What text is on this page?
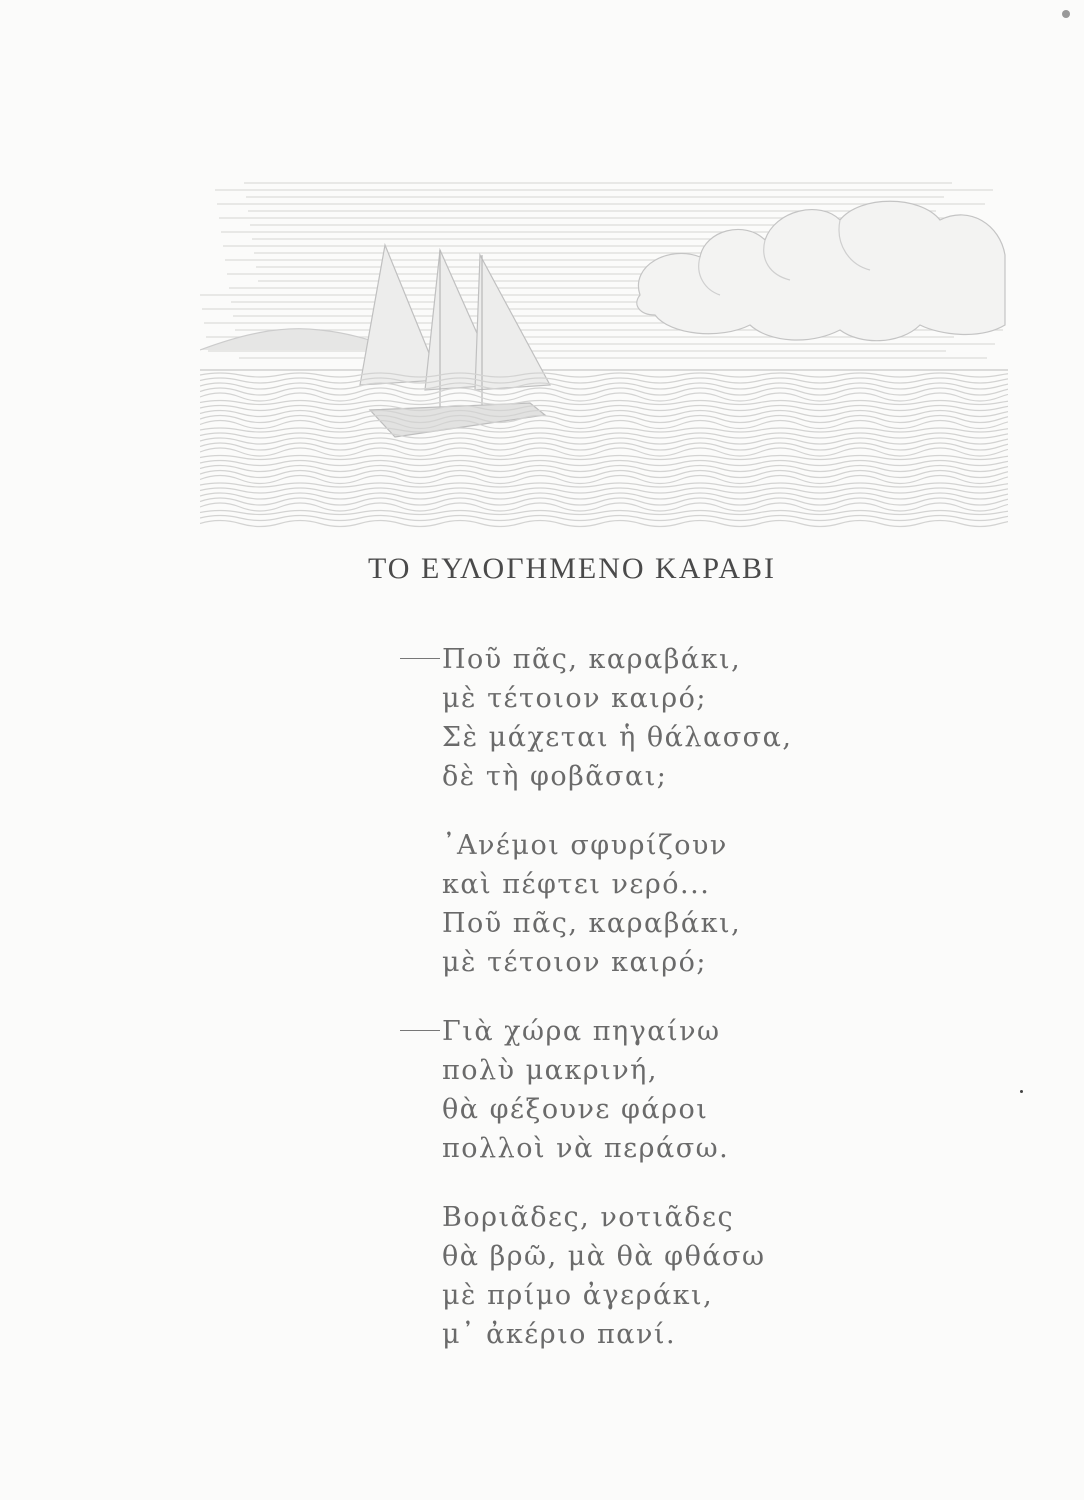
ΤΟ ΕΥΛΟΓΗΜΕΝΟ ΚΑΡΑΒΙ
Ποῦ πᾶς, καραβάκι,
μὲ τέτοιον καιρό;
Σὲ μάχεται ἡ θάλασσα,
δὲ τὴ φοβᾶσαι;
᾿Ανέμοι σφυρίζουν
καὶ πέφτει νερό...
Ποῦ πᾶς, καραβάκι,
μὲ τέτοιον καιρό;
Γιὰ χώρα πηγαίνω
πολὺ μακρινή,
θὰ φέξουνε φάροι
πολλοὶ νὰ περάσω.
Βοριᾶδες, νοτιᾶδες
θὰ βρῶ, μὰ θὰ φθάσω
μὲ πρίμο ἀγεράκι,
μ᾿ ἀκέριο πανί.
